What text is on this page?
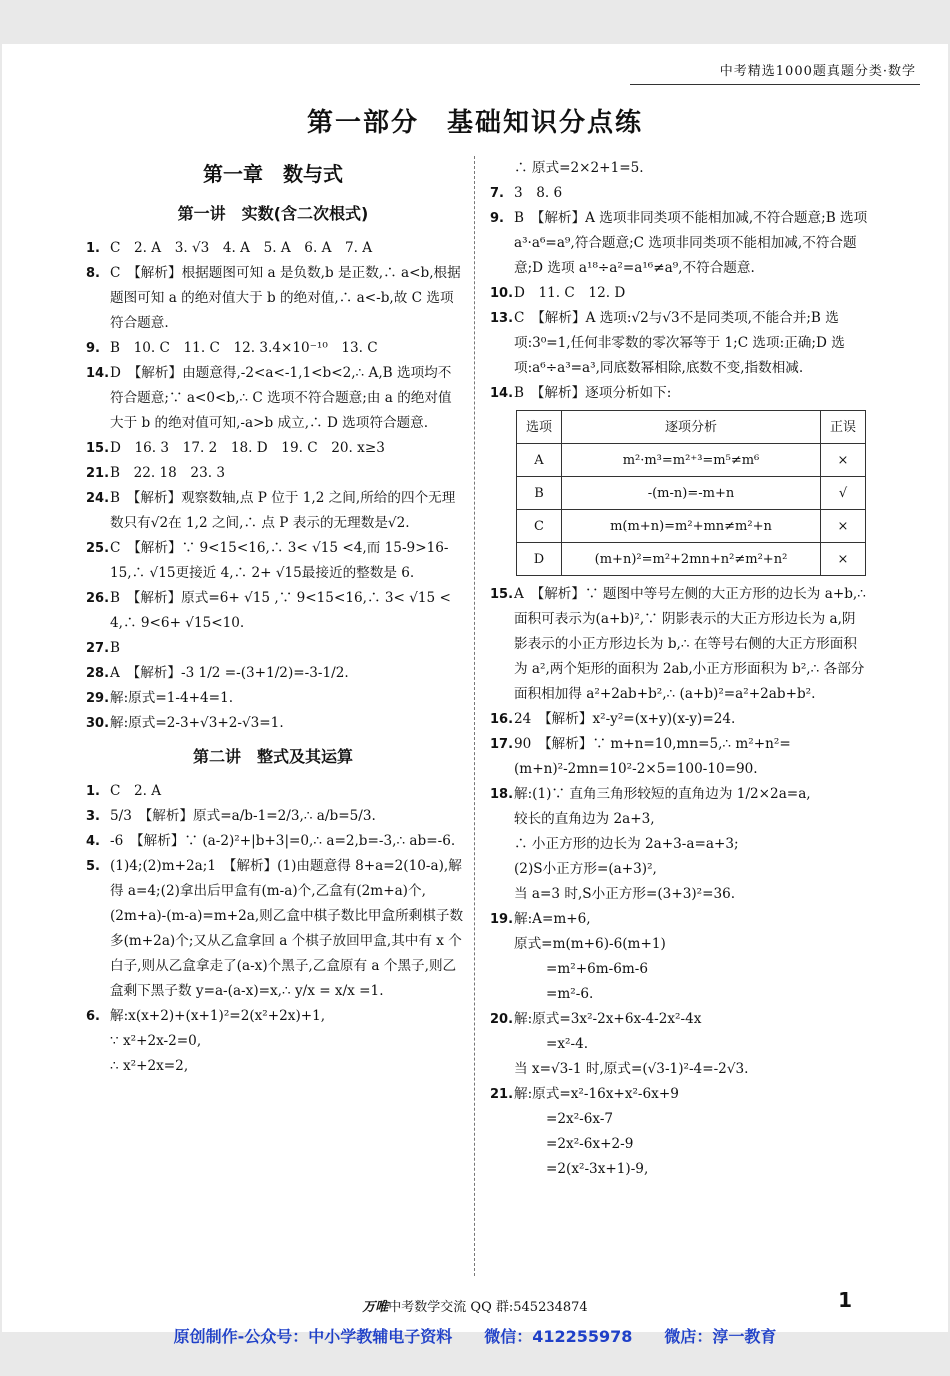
中考精选1000题真题分类·数学
第一部分　基础知识分点练
第一章　数与式
第一讲　实数(含二次根式)
1. C　2. A　3. √3　4. A　5. A　6. A　7. A
8. C　【解析】根据题图可知 a 是负数,b 是正数,∴ a<b,根据题图可知 a 的绝对值大于 b 的绝对值,∴ a<-b,故 C 选项符合题意.
9. B　10. C　11. C　12. 3.4×10⁻¹⁰　13. C
14. D　【解析】由题意得,-2<a<-1,1<b<2,∴ A,B 选项均不符合题意;∵ a<0<b,∴ C 选项不符合题意;由 a 的绝对值大于 b 的绝对值可知,-a>b 成立,∴ D 选项符合题意.
15. D　16. 3　17. 2　18. D　19. C　20. x≥3
21. B　22. 18　23. 3
24. B　【解析】观察数轴,点 P 位于 1,2 之间,所给的四个无理数只有√2在 1,2 之间,∴ 点 P 表示的无理数是√2.
25. C　【解析】∵ 9<15<16,∴ 3< √15 <4,而 15-9>16-15,∴ √15更接近 4,∴ 2+ √15最接近的整数是 6.
26. B　【解析】原式=6+ √15 ,∵ 9<15<16,∴ 3< √15 < 4,∴ 9<6+ √15<10.
27. B
28. A　【解析】-3 1/2 =-(3+1/2)=-3-1/2.
29. 解:原式=1-4+4=1.
30. 解:原式=2-3+√3+2-√3=1.
第二讲　整式及其运算
1. C　2. A
3. 5/3　【解析】原式=a/b-1=2/3,∴ a/b=5/3.
4. -6　【解析】∵ (a-2)²+|b+3|=0,∴ a=2,b=-3,∴ ab=-6.
5. (1)4;(2)m+2a;1　【解析】(1)由题意得 8+a=2(10-a),解得 a=4;(2)拿出后甲盒有(m-a)个,乙盒有(2m+a)个,(2m+a)-(m-a)=m+2a,则乙盒中棋子数比甲盒所剩棋子数多(m+2a)个;又从乙盒拿回 a 个棋子放回甲盒,其中有 x 个白子,则从乙盒拿走了(a-x)个黑子,乙盒原有 a 个黑子,则乙盒剩下黑子数 y=a-(a-x)=x,∴ y/x = x/x =1.
6. 解:x(x+2)+(x+1)²=2(x²+2x)+1,
∵ x²+2x-2=0,
∴ x²+2x=2,
∴ 原式=2×2+1=5.
7. 3　8. 6
9. B　【解析】A 选项非同类项不能相加减,不符合题意;B 选项 a³·a⁶=a⁹,符合题意;C 选项非同类项不能相加减,不符合题意;D 选项 a¹⁸÷a²=a¹⁶≠a⁹,不符合题意.
10. D　11. C　12. D
13. C　【解析】A 选项:√2与√3不是同类项,不能合并;B 选项:3⁰=1,任何非零数的零次幂等于 1;C 选项:正确;D 选项:a⁶÷a³=a³,同底数幂相除,底数不变,指数相减.
14. B　【解析】逐项分析如下:
选项	逐项分析	正误
A	m²·m³=m²⁺³=m⁵≠m⁶	×
B	-(m-n)=-m+n	√
C	m(m+n)=m²+mn≠m²+n	×
D	(m+n)²=m²+2mn+n²≠m²+n²	×
15. A　【解析】∵ 题图中等号左侧的大正方形的边长为 a+b,∴ 面积可表示为(a+b)²,∵ 阴影表示的大正方形边长为 a,阴影表示的小正方形边长为 b,∴ 在等号右侧的大正方形面积为 a²,两个矩形的面积为 2ab,小正方形面积为 b²,∴ 各部分面积相加得 a²+2ab+b²,∴ (a+b)²=a²+2ab+b².
16. 24　【解析】x²-y²=(x+y)(x-y)=24.
17. 90　【解析】∵ m+n=10,mn=5,∴ m²+n²=(m+n)²-2mn=10²-2×5=100-10=90.
18. 解:(1)∵ 直角三角形较短的直角边为 1/2×2a=a,
较长的直角边为 2a+3,
∴ 小正方形的边长为 2a+3-a=a+3;
(2)S小正方形=(a+3)²,
当 a=3 时,S小正方形=(3+3)²=36.
19. 解:A=m+6,
原式=m(m+6)-6(m+1)
=m²+6m-6m-6
=m²-6.
20. 解:原式=3x²-2x+6x-4-2x²-4x
=x²-4.
当 x=√3-1 时,原式=(√3-1)²-4=-2√3.
21. 解:原式=x²-16x+x²-6x+9
=2x²-6x-7
=2x²-6x+2-9
=2(x²-3x+1)-9,
万唯中考数学交流 QQ 群:545234874	1
原创制作-公众号：中小学教辅电子资料　　微信：412255978　　微店：淳一教育
